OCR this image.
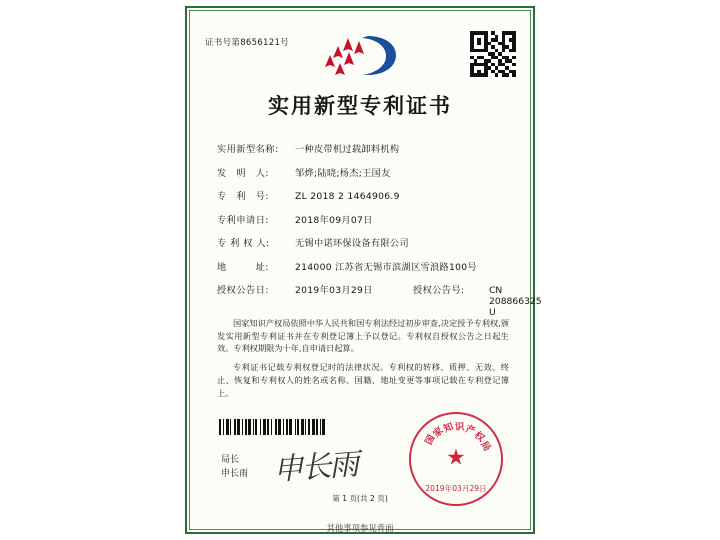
证书号第8656121号
实用新型专利证书
实用新型名称:	一种皮带机过载卸料机构
发　明　人:	邹烨;陆晓;杨杰;王国友
专　利　号:	ZL 2018 2 1464906.9
专利申请日:	2018年09月07日
专 利 权 人:	无锡中诺环保设备有限公司
地　　　址:	214000 江苏省无锡市滨湖区雪浪路100号
授权公告日:	2019年03月29日	授权公告号:	CN 208866325 U

国家知识产权局依照中华人民共和国专利法经过初步审查,决定授予专利权,颁发实用新型专利证书并在专利登记簿上予以登记。专利权自授权公告之日起生效。专利权期限为十年,自申请日起算。

专利证书记载专利权登记时的法律状况。专利权的转移、质押、无效、终止、恢复和专利权人的姓名或名称、国籍、地址变更等事项记载在专利登记簿上。

★
国
家
知 识 产
权
局
2019年03月29日
局长
申长雨 申长雨
第 1 页(共 2 页)
其他事项参见背面
